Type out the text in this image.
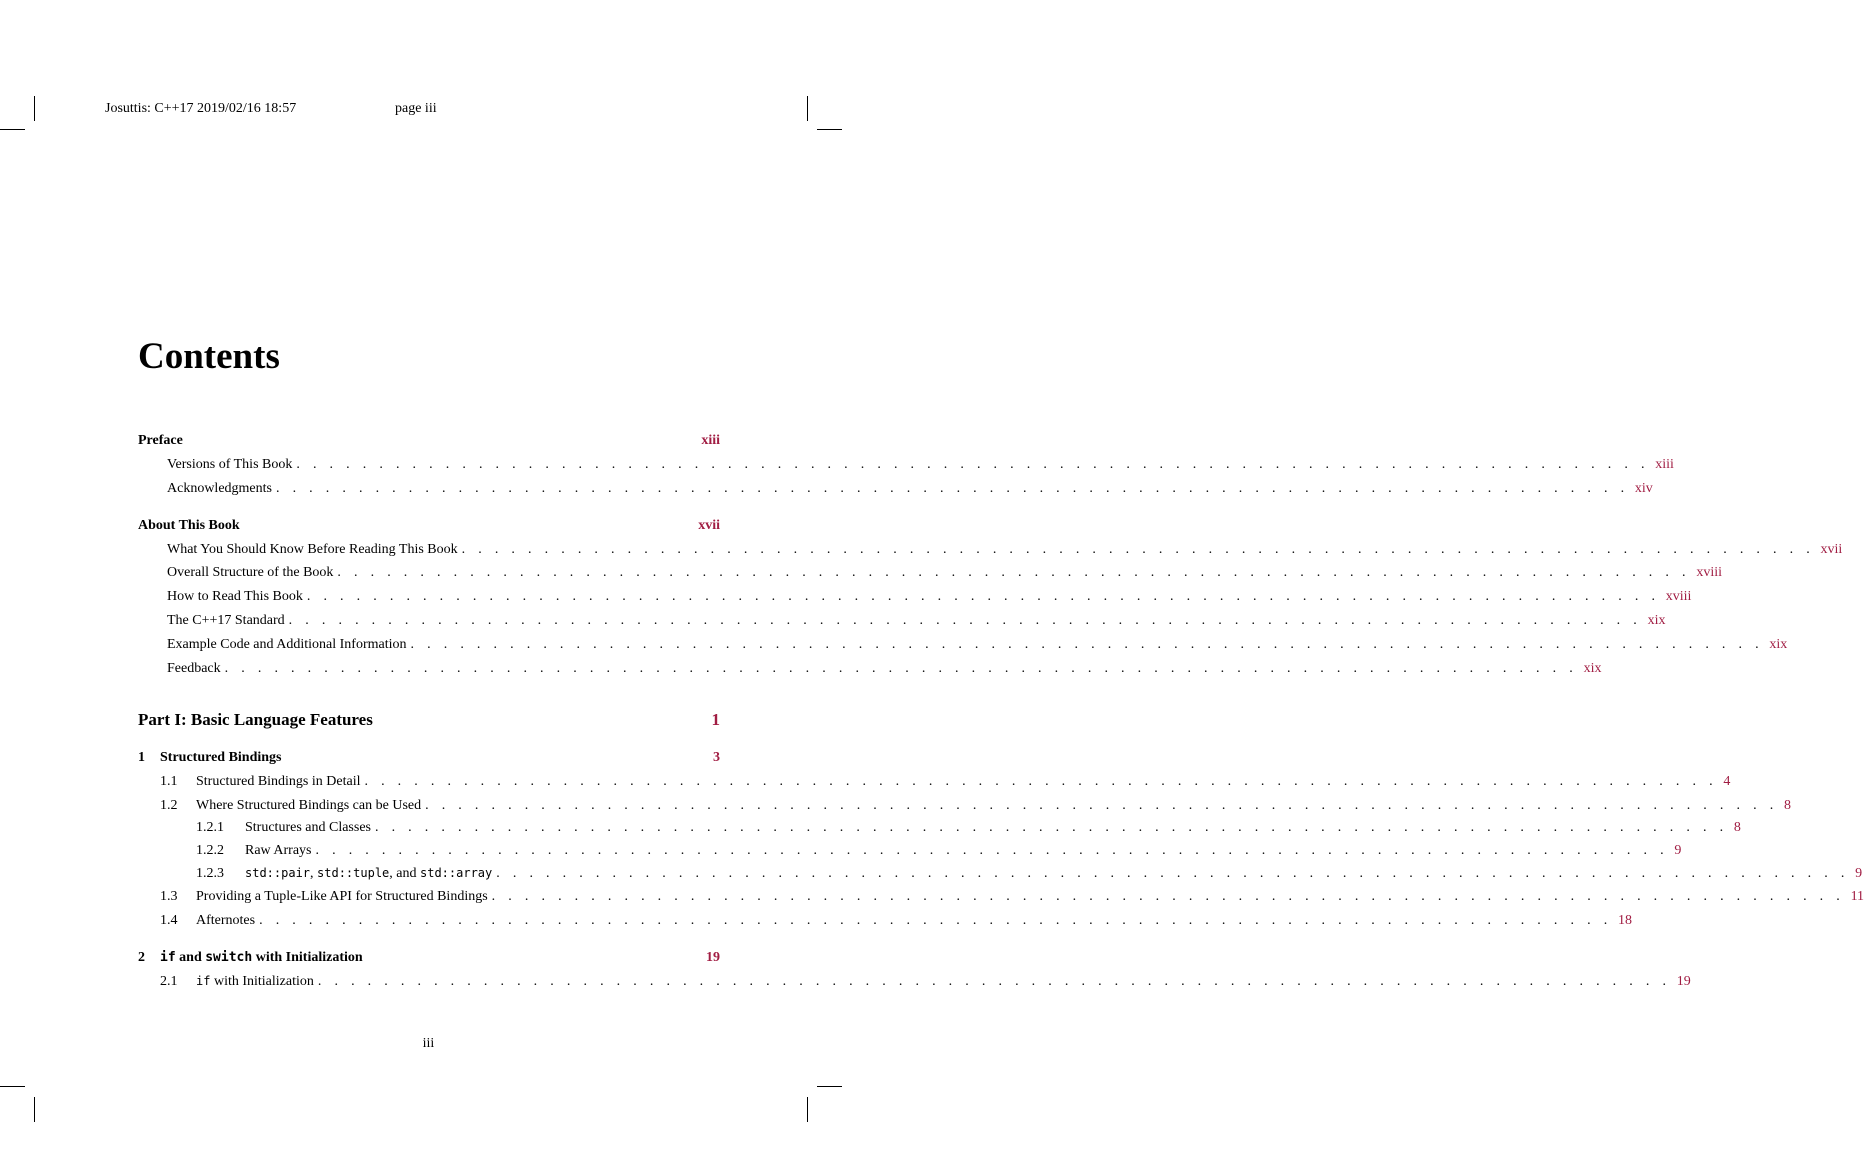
Josuttis: C++17 2019/02/16 18:57	page iii
Contents
Preface	xiii
Versions of This Book . . . . . . . . . . . . . . . . . . . . . . . . . . . . . . . . . . . . . . . . . . . . . . . . . . . . . . . . . . . . . . . . . . . . . . . . . . . . . . . . . . xiii
Acknowledgments . . . . . . . . . . . . . . . . . . . . . . . . . . . . . . . . . . . . . . . . . . . . . . . . . . . . . . . . . . . . . . . . . . . . . . . . . . . . . . . . . . xiv
About This Book	xvii
What You Should Know Before Reading This Book . . . . . . . . . . . . . . . . . . . . . . . . . . . . . . . . . . . . . . . . . . . . . . . . . . . . . . . . . . . . . . . . . . . . . . . . . . . . . . . . . . xvii
Overall Structure of the Book . . . . . . . . . . . . . . . . . . . . . . . . . . . . . . . . . . . . . . . . . . . . . . . . . . . . . . . . . . . . . . . . . . . . . . . . . . . . . . . . . . xviii
How to Read This Book . . . . . . . . . . . . . . . . . . . . . . . . . . . . . . . . . . . . . . . . . . . . . . . . . . . . . . . . . . . . . . . . . . . . . . . . . . . . . . . . . . xviii
The C++17 Standard . . . . . . . . . . . . . . . . . . . . . . . . . . . . . . . . . . . . . . . . . . . . . . . . . . . . . . . . . . . . . . . . . . . . . . . . . . . . . . . . . . xix
Example Code and Additional Information . . . . . . . . . . . . . . . . . . . . . . . . . . . . . . . . . . . . . . . . . . . . . . . . . . . . . . . . . . . . . . . . . . . . . . . . . . . . . . . . . . xix
Feedback . . . . . . . . . . . . . . . . . . . . . . . . . . . . . . . . . . . . . . . . . . . . . . . . . . . . . . . . . . . . . . . . . . . . . . . . . . . . . . . . . . xix
Part I: Basic Language Features	1
1	Structured Bindings	3
1.1	Structured Bindings in Detail . . . . . . . . . . . . . . . . . . . . . . . . . . . . . . . . . . . . . . . . . . . . . . . . . . . . . . . . . . . . . . . . . . . . . . . . . . . . . . . . . . 4
1.2	Where Structured Bindings can be Used . . . . . . . . . . . . . . . . . . . . . . . . . . . . . . . . . . . . . . . . . . . . . . . . . . . . . . . . . . . . . . . . . . . . . . . . . . . . . . . . . . 8
1.2.1	Structures and Classes . . . . . . . . . . . . . . . . . . . . . . . . . . . . . . . . . . . . . . . . . . . . . . . . . . . . . . . . . . . . . . . . . . . . . . . . . . . . . . . . . . 8
1.2.2	Raw Arrays . . . . . . . . . . . . . . . . . . . . . . . . . . . . . . . . . . . . . . . . . . . . . . . . . . . . . . . . . . . . . . . . . . . . . . . . . . . . . . . . . . 9
1.2.3	std::pair, std::tuple, and std::array . . . . . . . . . . . . . . . . . . . . . . . . . . . . . . . . . . . . . . . . . . . . . . . . . . . . . . . . . . . . . . . . . . . . . . . . . . . . . . . . . . 9
1.3	Providing a Tuple-Like API for Structured Bindings . . . . . . . . . . . . . . . . . . . . . . . . . . . . . . . . . . . . . . . . . . . . . . . . . . . . . . . . . . . . . . . . . . . . . . . . . . . . . . . . . . 11
1.4	Afternotes . . . . . . . . . . . . . . . . . . . . . . . . . . . . . . . . . . . . . . . . . . . . . . . . . . . . . . . . . . . . . . . . . . . . . . . . . . . . . . . . . . 18
2	if and switch with Initialization	19
2.1	if with Initialization . . . . . . . . . . . . . . . . . . . . . . . . . . . . . . . . . . . . . . . . . . . . . . . . . . . . . . . . . . . . . . . . . . . . . . . . . . . . . . . . . . 19
iii
